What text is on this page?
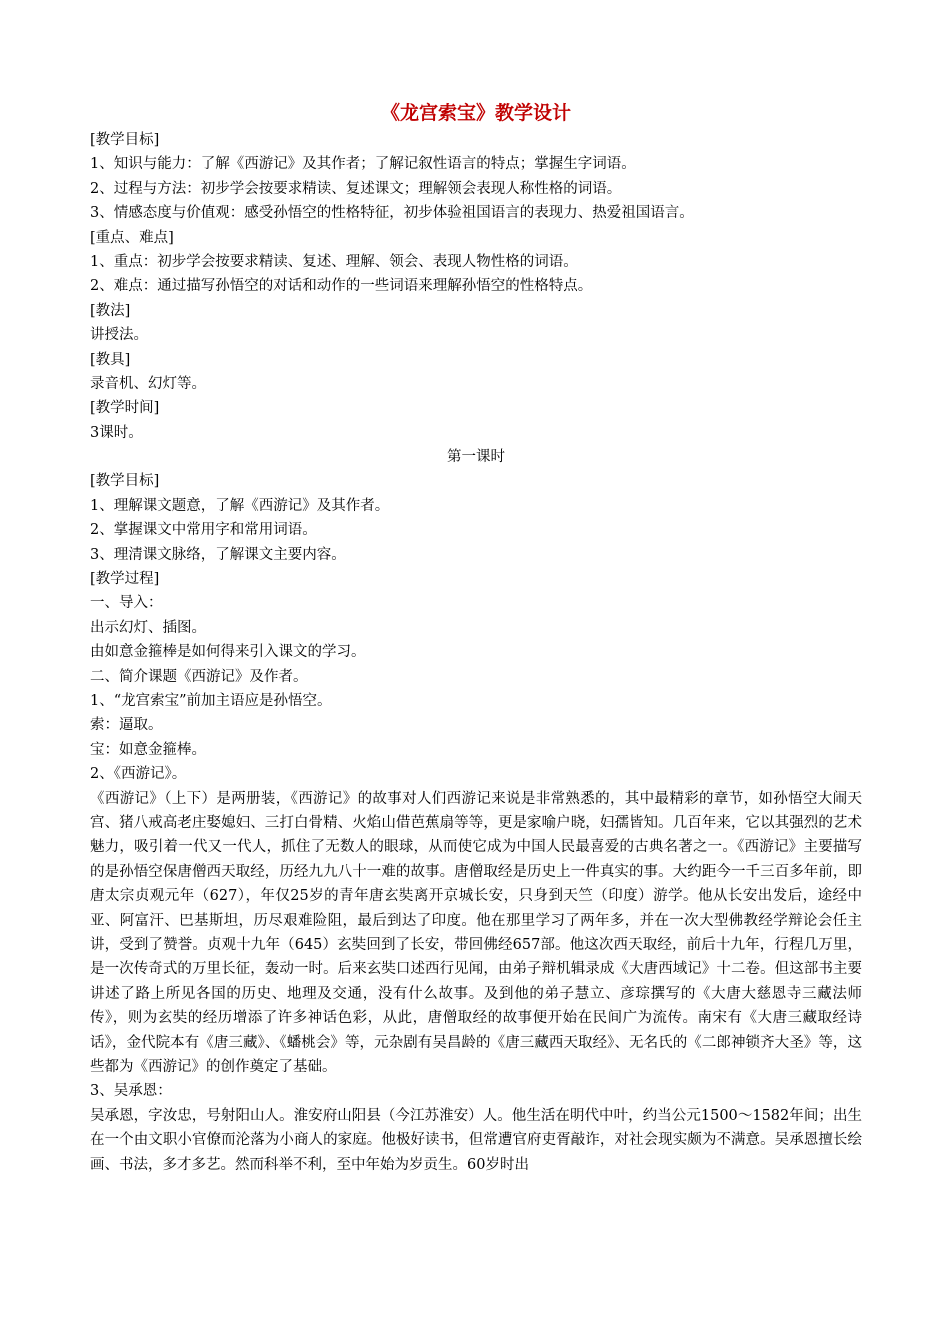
《龙宫索宝》教学设计
[教学目标]
1、知识与能力：了解《西游记》及其作者；了解记叙性语言的特点；掌握生字词语。
2、过程与方法：初步学会按要求精读、复述课文；理解领会表现人称性格的词语。
3、情感态度与价值观：感受孙悟空的性格特征，初步体验祖国语言的表现力、热爱祖国语言。
[重点、难点]
1、重点：初步学会按要求精读、复述、理解、领会、表现人物性格的词语。
2、难点：通过描写孙悟空的对话和动作的一些词语来理解孙悟空的性格特点。
[教法]
讲授法。
[教具]
录音机、幻灯等。
[教学时间]
3课时。
第一课时
[教学目标]
1、理解课文题意，了解《西游记》及其作者。
2、掌握课文中常用字和常用词语。
3、理清课文脉络，了解课文主要内容。
[教学过程]
一、导入：
出示幻灯、插图。
由如意金箍棒是如何得来引入课文的学习。
二、简介课题《西游记》及作者。
1、“龙宫索宝”前加主语应是孙悟空。
索：逼取。
宝：如意金箍棒。
2、《西游记》。

《西游记》（上下）是两册装，《西游记》的故事对人们西游记来说是非常熟悉的，其中最精彩的章节，如孙悟空大闹天宫、猪八戒高老庄娶媳妇、三打白骨精、火焰山借芭蕉扇等等，更是家喻户晓，妇孺皆知。几百年来，它以其强烈的艺术魅力，吸引着一代又一代人，抓住了无数人的眼球，从而使它成为中国人民最喜爱的古典名著之一。《西游记》主要描写的是孙悟空保唐僧西天取经，历经九九八十一难的故事。唐僧取经是历史上一件真实的事。大约距今一千三百多年前，即唐太宗贞观元年（627），年仅25岁的青年唐玄奘离开京城长安，只身到天竺（印度）游学。他从长安出发后，途经中亚、阿富汗、巴基斯坦，历尽艰难险阻，最后到达了印度。他在那里学习了两年多，并在一次大型佛教经学辩论会任主讲，受到了赞誉。贞观十九年（645）玄奘回到了长安，带回佛经657部。他这次西天取经，前后十九年，行程几万里，是一次传奇式的万里长征，轰动一时。后来玄奘口述西行见闻，由弟子辩机辑录成《大唐西域记》十二卷。但这部书主要讲述了路上所见各国的历史、地理及交通，没有什么故事。及到他的弟子慧立、彦琮撰写的《大唐大慈恩寺三藏法师传》，则为玄奘的经历增添了许多神话色彩，从此，唐僧取经的故事便开始在民间广为流传。南宋有《大唐三藏取经诗话》，金代院本有《唐三藏》、《蟠桃会》等，元杂剧有吴昌龄的《唐三藏西天取经》、无名氏的《二郎神锁齐大圣》等，这些都为《西游记》的创作奠定了基础。

3、吴承恩：

吴承恩，字汝忠，号射阳山人。淮安府山阳县（今江苏淮安）人。他生活在明代中叶，约当公元1500～1582年间；出生在一个由文职小官僚而沦落为小商人的家庭。他极好读书，但常遭官府吏胥敲诈，对社会现实颇为不满意。吴承恩擅长绘画、书法，多才多艺。然而科举不利，至中年始为岁贡生。60岁时出
